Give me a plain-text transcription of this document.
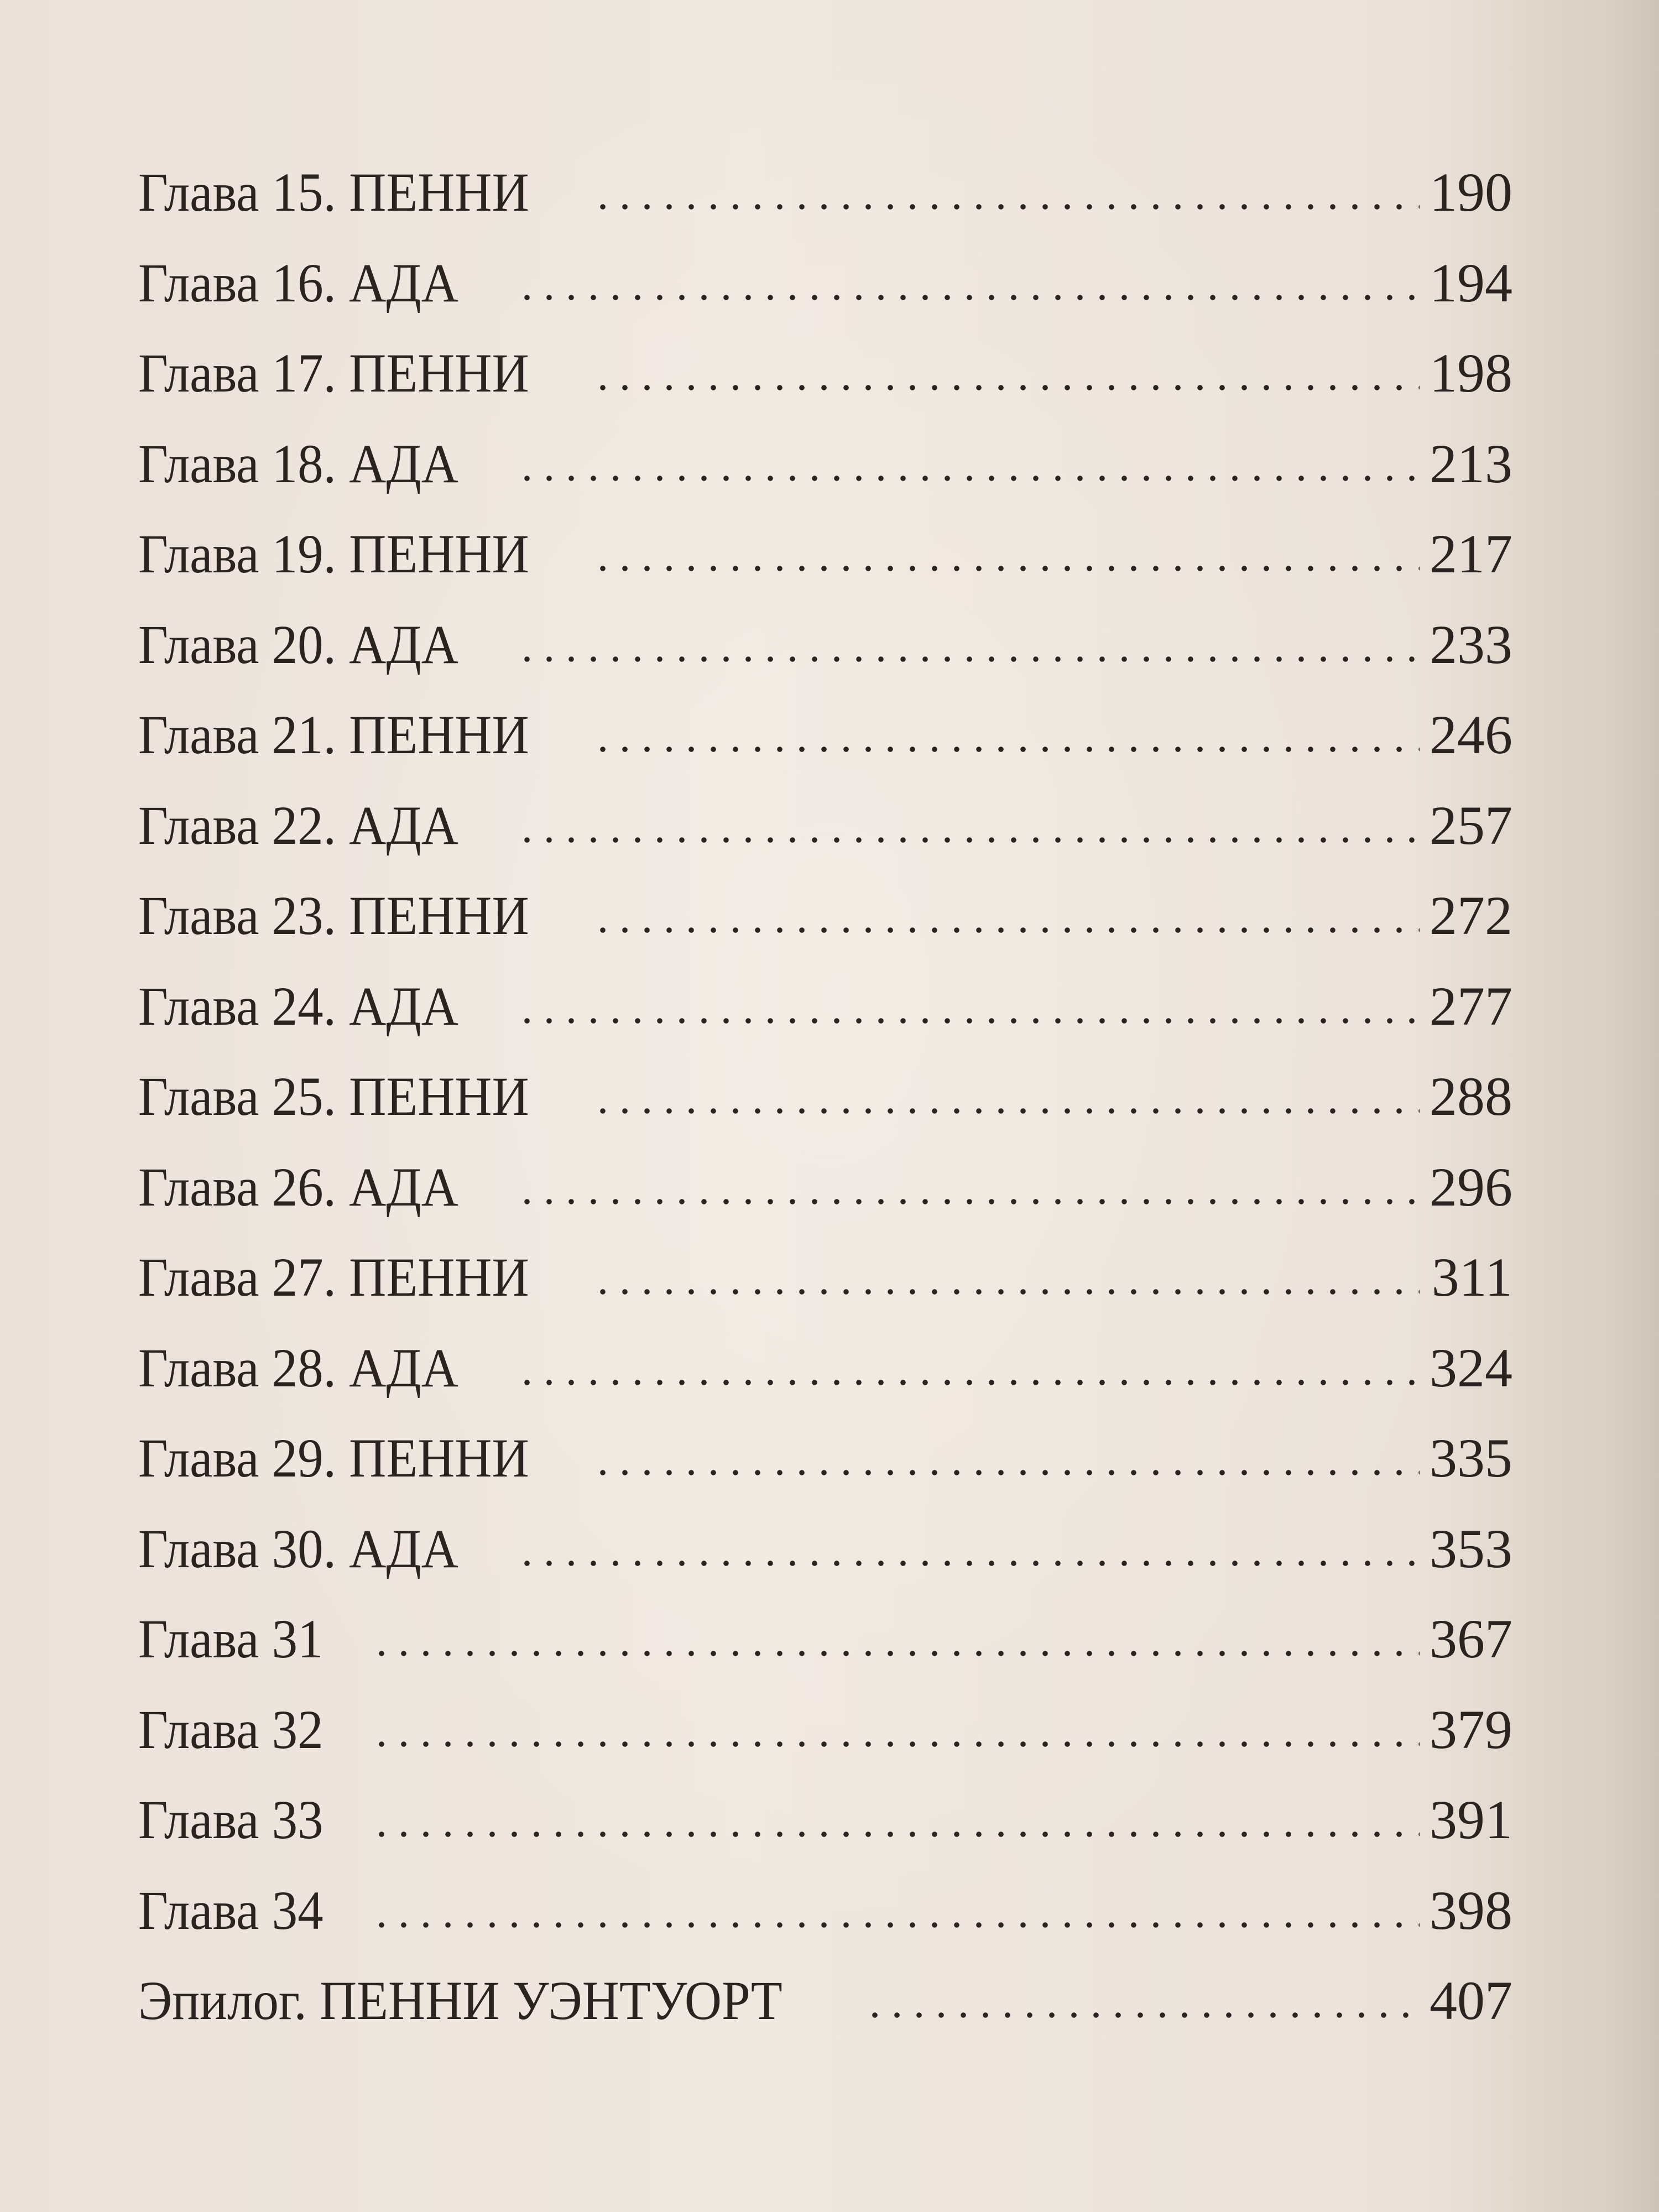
Глава 15. ПЕННИ	190
Глава 16. АДА	194
Глава 17. ПЕННИ	198
Глава 18. АДА	213
Глава 19. ПЕННИ	217
Глава 20. АДА	233
Глава 21. ПЕННИ	246
Глава 22. АДА	257
Глава 23. ПЕННИ	272
Глава 24. АДА	277
Глава 25. ПЕННИ	288
Глава 26. АДА	296
Глава 27. ПЕННИ	311
Глава 28. АДА	324
Глава 29. ПЕННИ	335
Глава 30. АДА	353
Глава 31	367
Глава 32	379
Глава 33	391
Глава 34	398
Эпилог. ПЕННИ УЭНТУОРТ	407
